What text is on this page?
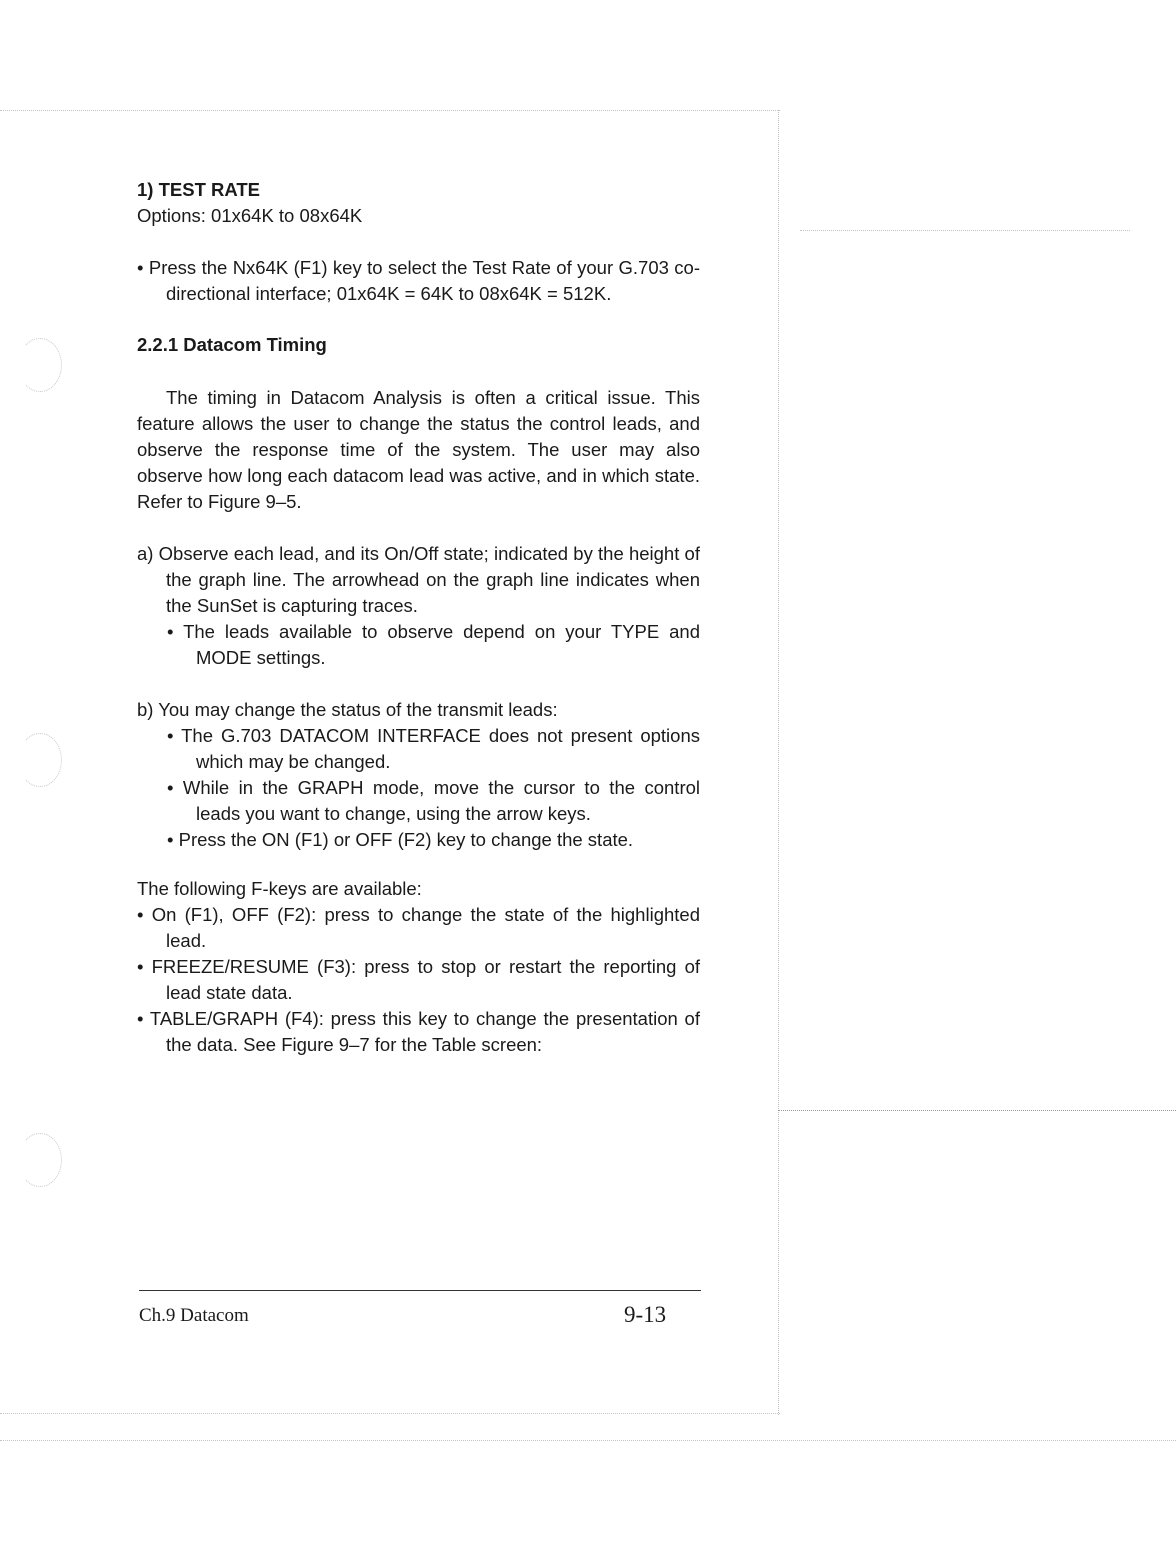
1) TEST RATE

Options: 01x64K to 08x64K

• Press the Nx64K (F1) key to select the Test Rate of your G.703 co-directional interface; 01x64K = 64K to 08x64K = 512K.

2.2.1 Datacom Timing

The timing in Datacom Analysis is often a critical issue. This feature allows the user to change the status the control leads, and observe the response time of the system. The user may also observe how long each datacom lead was active, and in which state. Refer to Figure 9–5.

a) Observe each lead, and its On/Off state; indicated by the height of the graph line. The arrowhead on the graph line indicates when the SunSet is capturing traces.

• The leads available to observe depend on your TYPE and MODE settings.

b) You may change the status of the transmit leads:

• The G.703 DATACOM INTERFACE does not present options which may be changed.

• While in the GRAPH mode, move the cursor to the control leads you want to change, using the arrow keys.

• Press the ON (F1) or OFF (F2) key to change the state.

The following F-keys are available:

• On (F1), OFF (F2): press to change the state of the highlighted lead.

• FREEZE/RESUME (F3): press to stop or restart the reporting of lead state data.

• TABLE/GRAPH (F4): press this key to change the presentation of the data. See Figure 9–7 for the Table screen:

Ch.9 Datacom	9-13
